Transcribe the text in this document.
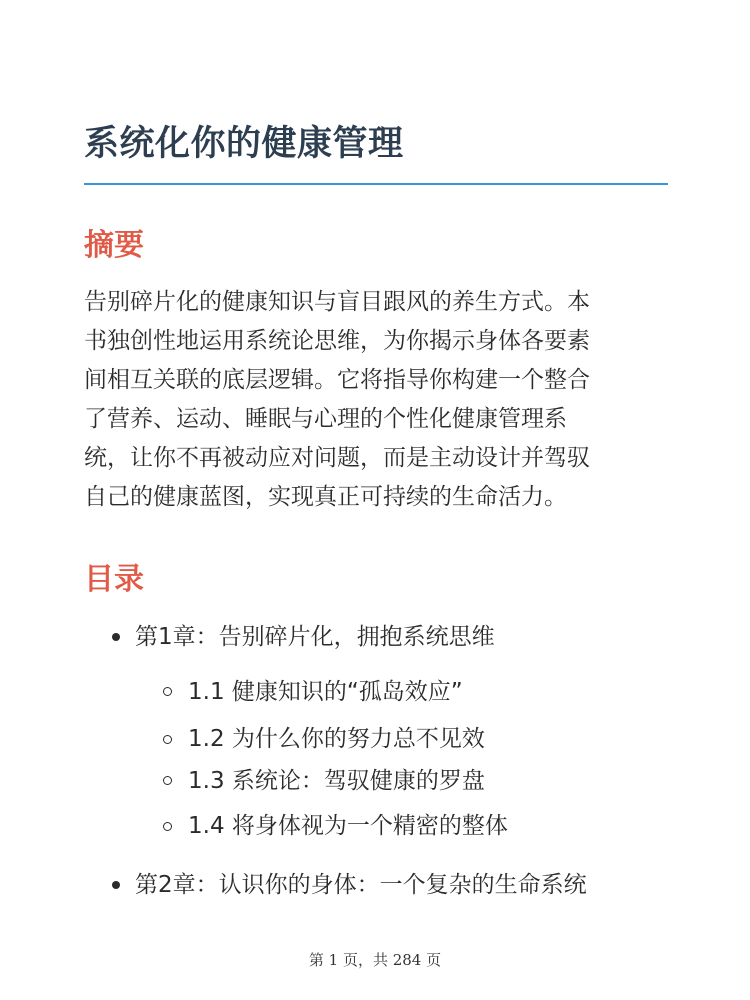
系统化你的健康管理
摘要

告别碎片化的健康知识与盲目跟风的养生方式。本
书独创性地运用系统论思维，为你揭示身体各要素
间相互关联的底层逻辑。它将指导你构建一个整合
了营养、运动、睡眠与心理的个性化健康管理系
统，让你不再被动应对问题，而是主动设计并驾驭
自己的健康蓝图，实现真正可持续的生命活力。

目录
第1章：告别碎片化，拥抱系统思维
1.1 健康知识的“孤岛效应”
1.2 为什么你的努力总不见效
1.3 系统论：驾驭健康的罗盘
1.4 将身体视为一个精密的整体
第2章：认识你的身体：一个复杂的生命系统
第 1 页，共 284 页
